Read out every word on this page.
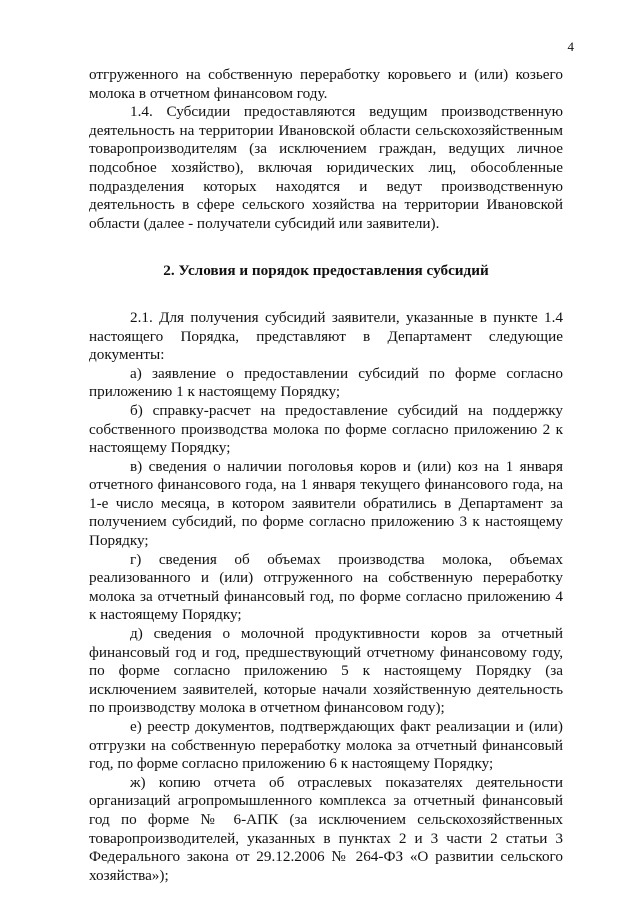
4

отгруженного на собственную переработку коровьего и (или) козьего молока в отчетном финансовом году.

1.4. Субсидии предоставляются ведущим производственную деятельность на территории Ивановской области сельскохозяйственным товаропроизводителям (за исключением граждан, ведущих личное подсобное хозяйство), включая юридических лиц, обособленные подразделения которых находятся и ведут производственную деятельность в сфере сельского хозяйства на территории Ивановской области (далее - получатели субсидий или заявители).

2. Условия и порядок предоставления субсидий

2.1. Для получения субсидий заявители, указанные в пункте 1.4 настоящего Порядка, представляют в Департамент следующие документы:

а) заявление о предоставлении субсидий по форме согласно приложению 1 к настоящему Порядку;

б) справку-расчет на предоставление субсидий на поддержку собственного производства молока по форме согласно приложению 2 к настоящему Порядку;

в) сведения о наличии поголовья коров и (или) коз на 1 января отчетного финансового года, на 1 января текущего финансового года, на 1-е число месяца, в котором заявители обратились в Департамент за получением субсидий, по форме согласно приложению 3 к настоящему Порядку;

г) сведения об объемах производства молока, объемах реализованного и (или) отгруженного на собственную переработку молока за отчетный финансовый год, по форме согласно приложению 4 к настоящему Порядку;

д) сведения о молочной продуктивности коров за отчетный финансовый год и год, предшествующий отчетному финансовому году, по форме согласно приложению 5 к настоящему Порядку (за исключением заявителей, которые начали хозяйственную деятельность по производству молока в отчетном финансовом году);

е) реестр документов, подтверждающих факт реализации и (или) отгрузки на собственную переработку молока за отчетный финансовый год, по форме согласно приложению 6 к настоящему Порядку;

ж) копию отчета об отраслевых показателях деятельности организаций агропромышленного комплекса за отчетный финансовый год по форме № 6-АПК (за исключением сельскохозяйственных товаропроизводителей, указанных в пунктах 2 и 3 части 2 статьи 3 Федерального закона от 29.12.2006 № 264-ФЗ «О развитии сельского хозяйства»);
